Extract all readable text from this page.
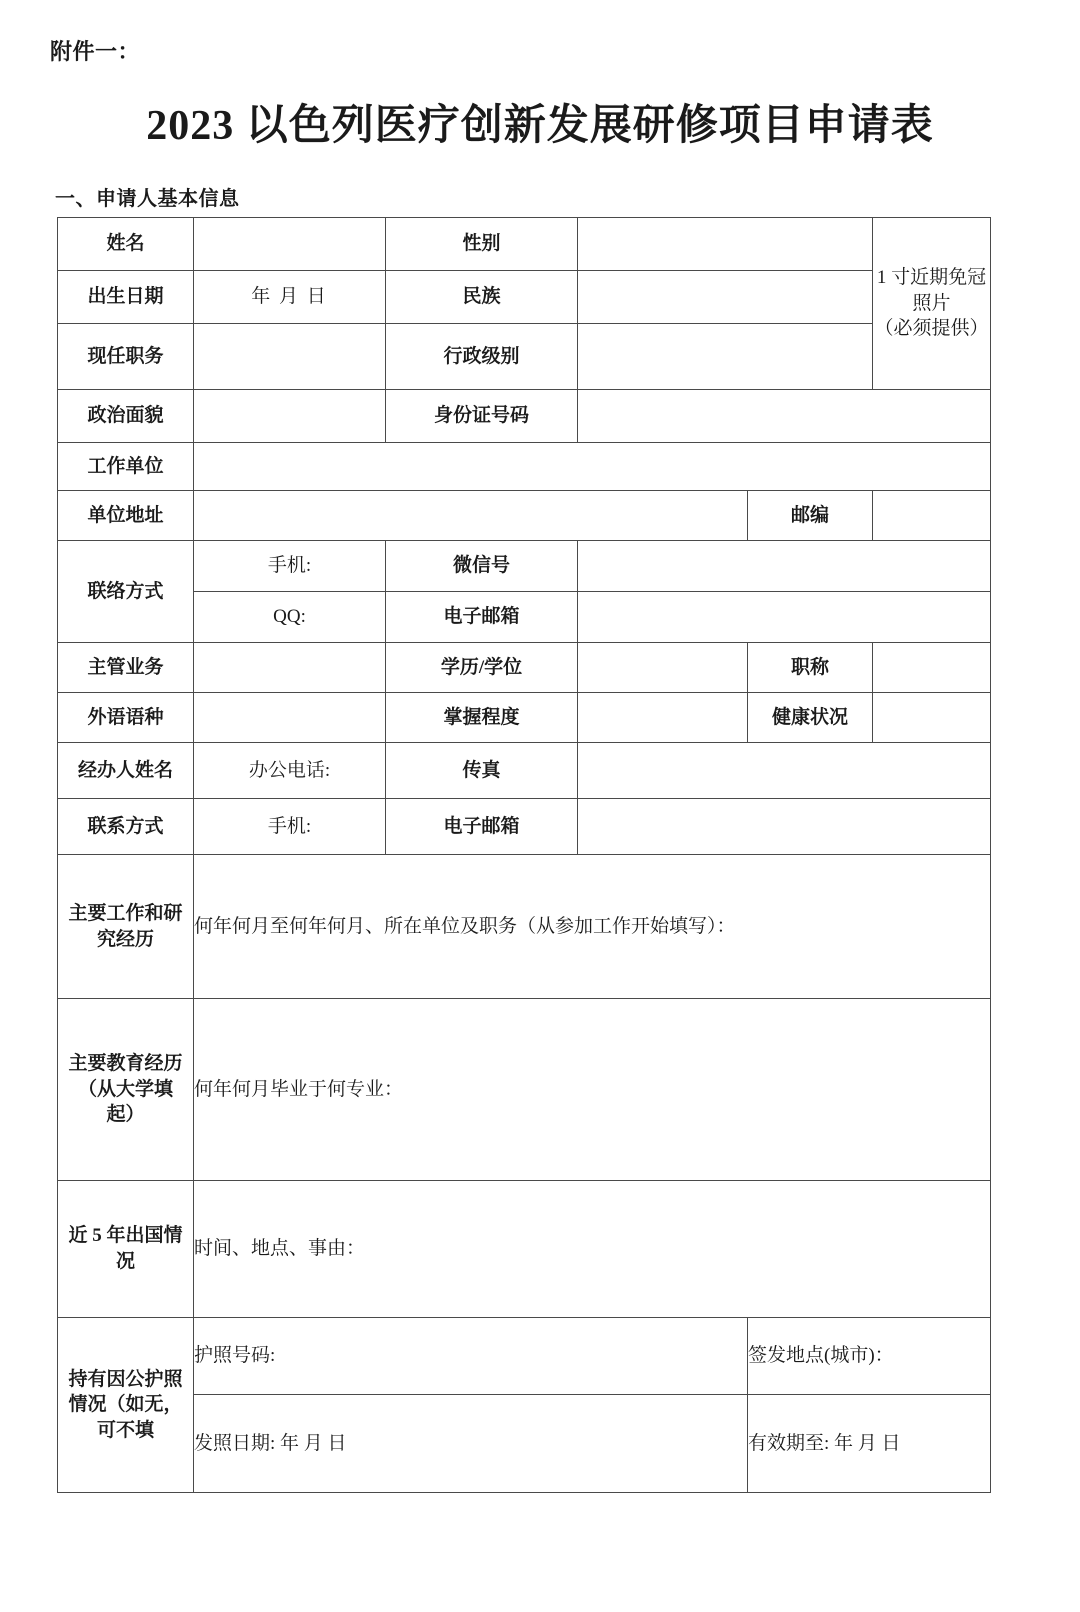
附件一：
2023 以色列医疗创新发展研修项目申请表
一、申请人基本信息
姓名		性别			1 寸近期免冠照片
（必须提供）

出生日期	年 月 日	民族			
现任职务		行政级别			
政治面貌		身份证号码			
工作单位					
单位地址				邮编	
联络方式	手机:	微信号			
	QQ:	电子邮箱			
主管业务		学历/学位		职称	
外语语种		掌握程度		健康状况	
经办人姓名	办公电话:	传真			
联系方式	手机:	电子邮箱			
主要工作和研
究经历	何年何月至何年何月、所在单位及职务（从参加工作开始填写）：				
主要教育经历
（从大学填
起）	何年何月毕业于何专业：				
近 5 年出国情
况	时间、地点、事由：				
持有因公护照
情况（如无，
可不填	护照号码:			签发地点(城市)：	
	发照日期: 年 月 日			有效期至: 年 月 日	
